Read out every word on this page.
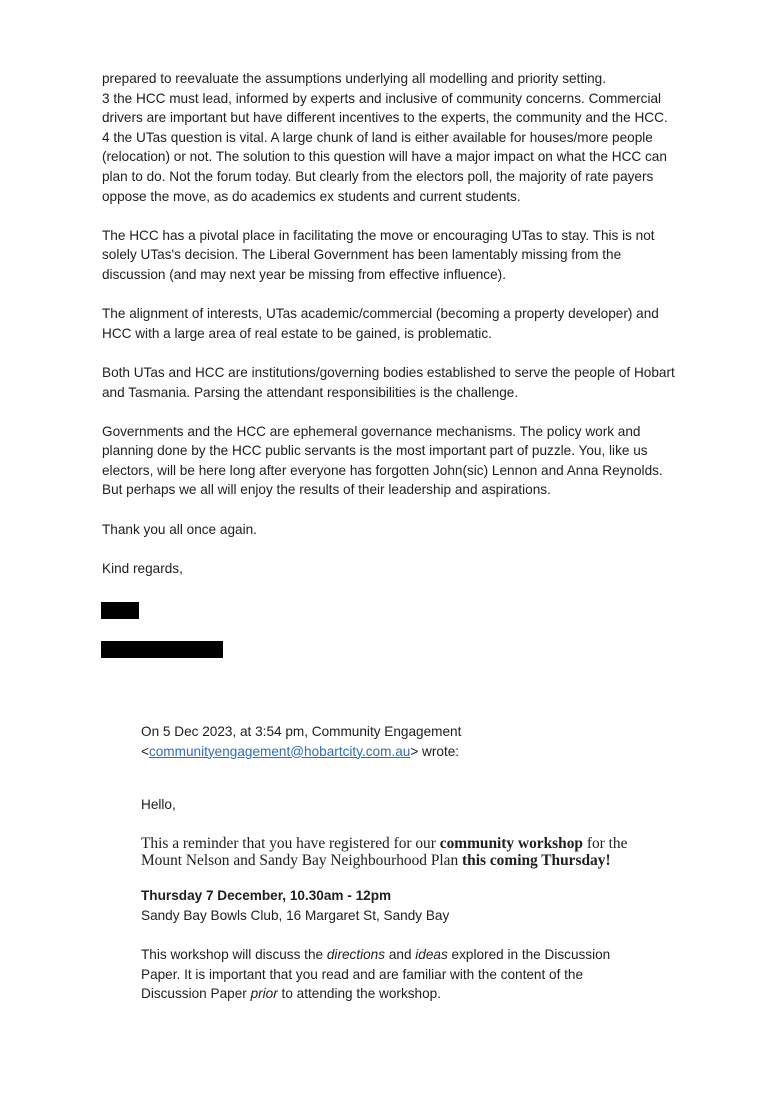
prepared to reevaluate the assumptions underlying all modelling and priority setting.

3 the HCC must lead, informed by experts and inclusive of community concerns. Commercial drivers are important but have different incentives to the experts, the community and the HCC.

4 the UTas question is vital. A large chunk of land is either available for houses/more people (relocation) or not. The solution to this question will have a major impact on what the HCC can plan to do. Not the forum today. But clearly from the electors poll, the majority of rate payers oppose the move, as do academics ex students and current students.

The HCC has a pivotal place in facilitating the move or encouraging UTas to stay. This is not solely UTas's decision. The Liberal Government has been lamentably missing from the discussion (and may next year be missing from effective influence).

The alignment of interests, UTas academic/commercial (becoming a property developer) and HCC with a large area of real estate to be gained, is problematic.

Both UTas and HCC are institutions/governing bodies established to serve the people of Hobart and Tasmania. Parsing the attendant responsibilities is the challenge.

Governments and the HCC are ephemeral governance mechanisms. The policy work and planning done by the HCC public servants is the most important part of puzzle. You, like us electors, will be here long after everyone has forgotten John(sic) Lennon and Anna Reynolds. But perhaps we all will enjoy the results of their leadership and aspirations.

Thank you all once again.

Kind regards,

On 5 Dec 2023, at 3:54 pm, Community Engagement
<communityengagement@hobartcity.com.au> wrote:

Hello,

This a reminder that you have registered for our community workshop for the Mount Nelson and Sandy Bay Neighbourhood Plan this coming Thursday!

Thursday 7 December, 10.30am - 12pm

Sandy Bay Bowls Club, 16 Margaret St, Sandy Bay

This workshop will discuss the directions and ideas explored in the Discussion Paper. It is important that you read and are familiar with the content of the Discussion Paper prior to attending the workshop.
